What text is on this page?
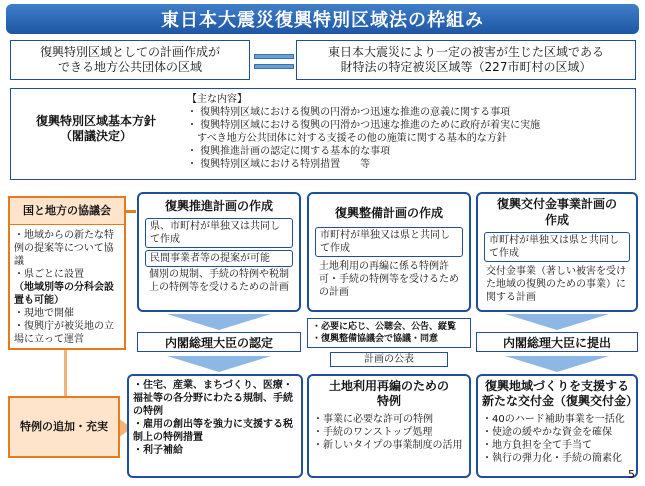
東日本大震災復興特別区域法の枠組み
復興特別区域としての計画作成が
できる地方公共団体の区域
東日本大震災により一定の被害が生じた区域である
財特法の特定被災区域等（227市町村の区域）
復興特別区域基本方針
（閣議決定）
【主な内容】
・ 復興特別区域における復興の円滑かつ迅速な推進の意義に関する事項
・ 復興特別区域における復興の円滑かつ迅速な推進のために政府が着実に実施
　すべき地方公共団体に対する支援その他の施策に関する基本的な方針
・ 復興推進計画の認定に関する基本的な事項
・ 復興特別区域における特別措置　　等
国と地方の協議会
・地域からの新たな特例の提案等について協議
・県ごとに設置
（地域別等の分科会設置も可能）
・現地で開催
・復興庁が被災地の立場に立って運営
特例の追加・充実
復興推進計画の作成
県、市町村が単独又は共同して作成
民間事業者等の提案が可能
個別の規制、手続の特例や税制上の特例等を受けるための計画
内閣総理大臣の認定
・住宅、産業、まちづくり、医療・福祉等の各分野にわたる規制、手続の特例
・雇用の創出等を強力に支援する税制上の特例措置
・利子補給
復興整備計画の作成
市町村が単独又は県と共同して作成
土地利用の再編に係る特例許可・手続の特例等を受けるための計画
・必要に応じ、公聴会、公告、縦覧
・復興整備協議会で協議・同意
計画の公表
土地利用再編のための特例
・事業に必要な許可の特例
・手続のワンストップ処理
・新しいタイプの事業制度の活用
復興交付金事業計画の作成
市町村が単独又は県と共同して作成
交付金事業（著しい被害を受けた地域の復興のための事業）に関する計画
内閣総理大臣に提出
復興地域づくりを支援する新たな交付金（復興交付金）
・40のハード補助事業を一括化
・使途の緩やかな資金を確保
・地方負担を全て手当て
・執行の弾力化・手続の簡素化
5
